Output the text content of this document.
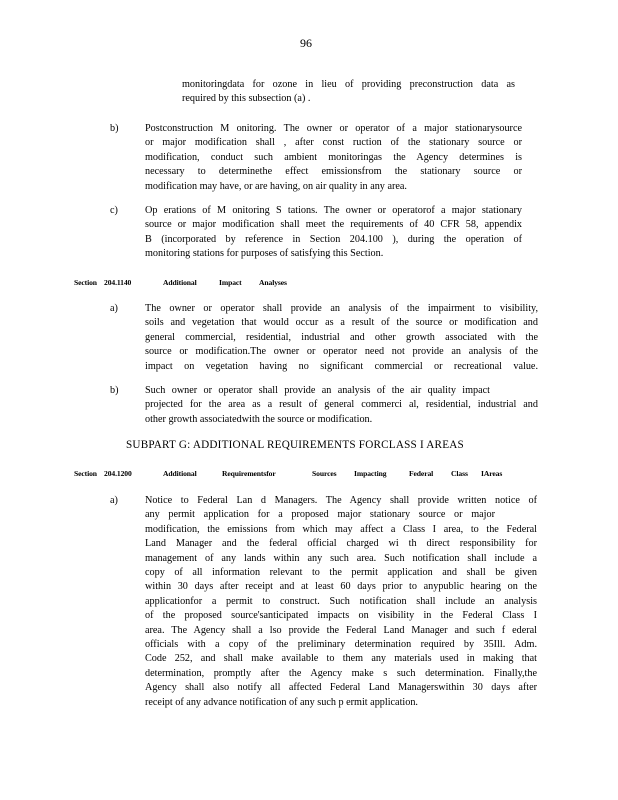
96
monitoringdata for ozone in lieu of providing preconstruction data as
required by this subsection (a) .
b)	Postconstruction M onitoring. The owner or operator of a major stationarysource
or major modification shall , after const ruction of the stationary source or
modification, conduct such ambient monitoringas the Agency determines is
necessary to determinethe effect emissionsfrom the stationary source or
modification may have, or are having, on air quality in any area.
c)	Op erations of M onitoring S tations. The owner or operatorof a major stationary
source or major modification shall meet the requirements of 40 CFR 58, appendix
B (incorporated by reference in Section 204.100 ), during the operation of
monitoring stations for purposes of satisfying this Section.
Section 204.1140	Additional	Impact	Analyses
a)	The owner or operator shall provide an analysis of the impairment to visibility,
soils and vegetation that would occur as a result of the source or modification and
general commercial, residential, industrial and other growth associated with the
source or modification.The owner or operator need not provide an analysis of the
impact on vegetation having no significant commercial or recreational value.
b)	Such owner or operator shall provide an analysis of the air quality impact
projected for the area as a result of general commerci al, residential, industrial and
other growth associatedwith the source or modification.
SUBPART G: ADDITIONAL REQUIREMENTS FORCLASS I AREAS
Section 204.1200	Additional	Requirementsfor	Sources	Impacting	Federal	Class	IAreas
a)	Notice to Federal Lan d Managers. The Agency shall provide written notice of
any permit application for a proposed major stationary source or major
modification, the emissions from which may affect a Class I area, to the Federal
Land Manager and the federal official charged wi th direct responsibility for
management of any lands within any such area. Such notification shall include a
copy of all information relevant to the permit application and shall be given
within 30 days after receipt and at least 60 days prior to anypublic hearing on the
applicationfor a permit to construct. Such notification shall include an analysis
of the proposed source'santicipated impacts on visibility in the Federal Class I
area. The Agency shall a lso provide the Federal Land Manager and such f ederal
officials with a copy of the preliminary determination required by 35Ill. Adm.
Code 252, and shall make available to them any materials used in making that
determination, promptly after the Agency make s such determination. Finally,the
Agency shall also notify all affected Federal Land Managerswithin 30 days after
receipt of any advance notification of any such p ermit application.
